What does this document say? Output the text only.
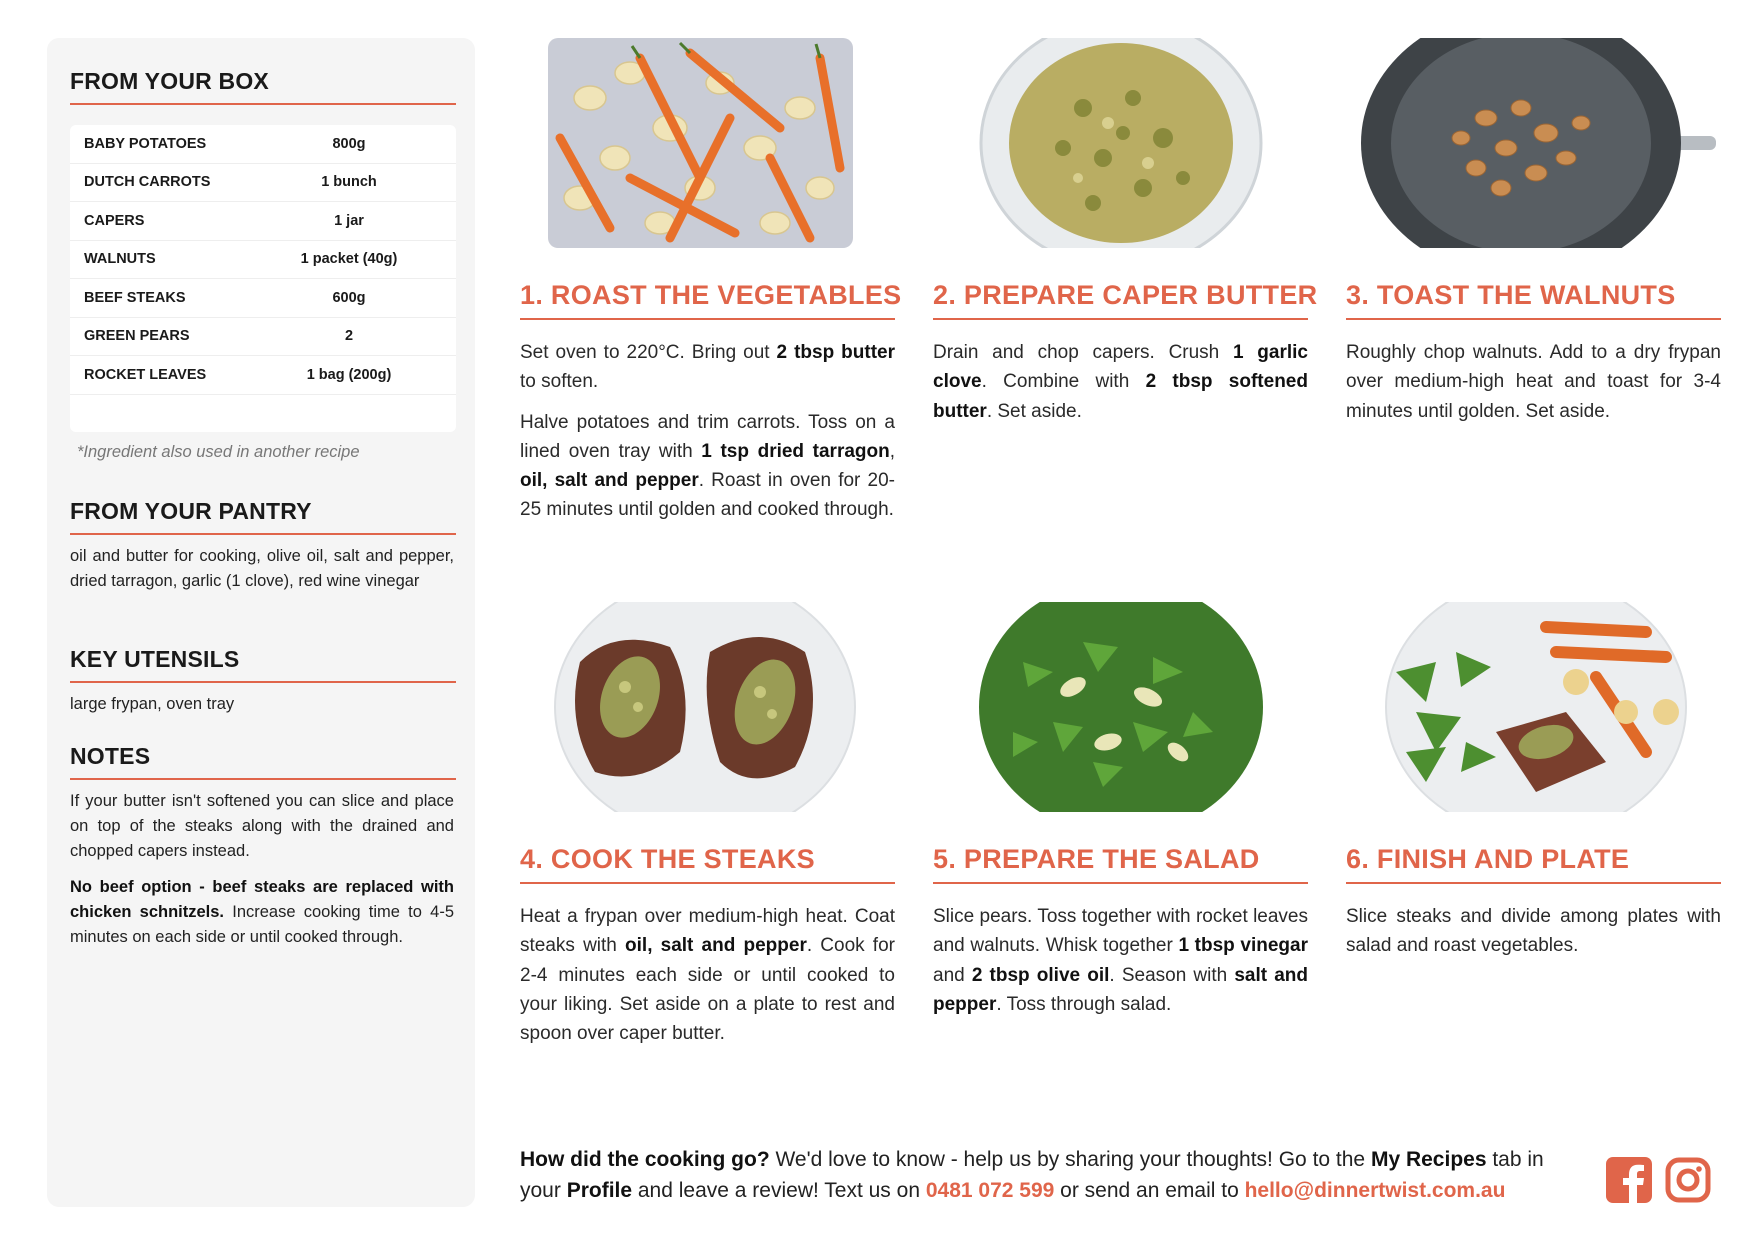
FROM YOUR BOX
BABY POTATOES	800g
DUTCH CARROTS	1 bunch
CAPERS	1 jar
WALNUTS	1 packet (40g)
BEEF STEAKS	600g
GREEN PEARS	2
ROCKET LEAVES	1 bag (200g)
*Ingredient also used in another recipe
FROM YOUR PANTRY
oil and butter for cooking, olive oil, salt and pepper, dried tarragon, garlic (1 clove), red wine vinegar
KEY UTENSILS
large frypan, oven tray
NOTES
If your butter isn't softened you can slice and place on top of the steaks along with the drained and chopped capers instead.
No beef option - beef steaks are replaced with chicken schnitzels. Increase cooking time to 4-5 minutes on each side or until cooked through.
1. ROAST THE VEGETABLES

Set oven to 220°C. Bring out 2 tbsp butter to soften.

Halve potatoes and trim carrots. Toss on a lined oven tray with 1 tsp dried tarragon, oil, salt and pepper. Roast in oven for 20-25 minutes until golden and cooked through.

2. PREPARE CAPER BUTTER

Drain and chop capers. Crush 1 garlic clove. Combine with 2 tbsp softened butter. Set aside.

3. TOAST THE WALNUTS

Roughly chop walnuts. Add to a dry frypan over medium-high heat and toast for 3-4 minutes until golden. Set aside.

4. COOK THE STEAKS

Heat a frypan over medium-high heat. Coat steaks with oil, salt and pepper. Cook for 2-4 minutes each side or until cooked to your liking. Set aside on a plate to rest and spoon over caper butter.

5. PREPARE THE SALAD

Slice pears. Toss together with rocket leaves and walnuts. Whisk together 1 tbsp vinegar and 2 tbsp olive oil. Season with salt and pepper. Toss through salad.

6. FINISH AND PLATE

Slice steaks and divide among plates with salad and roast vegetables.

How did the cooking go? We'd love to know - help us by sharing your thoughts! Go to the My Recipes tab in your Profile and leave a review! Text us on 0481 072 599 or send an email to hello@dinnertwist.com.au
